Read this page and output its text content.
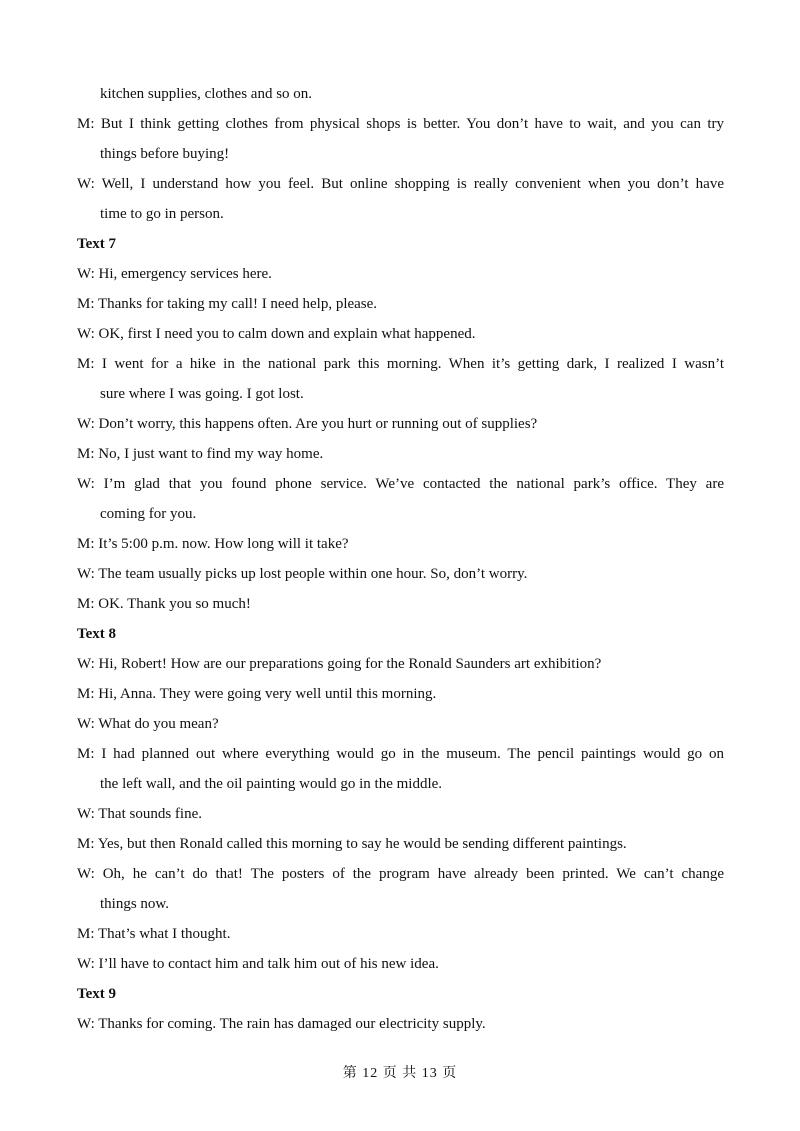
kitchen supplies, clothes and so on.
M: But I think getting clothes from physical shops is better. You don’t have to wait, and you can try
things before buying!
W: Well, I understand how you feel. But online shopping is really convenient when you don’t have
time to go in person.
Text 7
W: Hi, emergency services here.
M: Thanks for taking my call! I need help, please.
W: OK, first I need you to calm down and explain what happened.
M: I went for a hike in the national park this morning. When it’s getting dark, I realized I wasn’t
sure where I was going. I got lost.
W: Don’t worry, this happens often. Are you hurt or running out of supplies?
M: No, I just want to find my way home.
W: I’m glad that you found phone service. We’ve contacted the national park’s office. They are
coming for you.
M: It’s 5:00 p.m. now. How long will it take?
W: The team usually picks up lost people within one hour. So, don’t worry.
M: OK. Thank you so much!
Text 8
W: Hi, Robert! How are our preparations going for the Ronald Saunders art exhibition?
M: Hi, Anna. They were going very well until this morning.
W: What do you mean?
M: I had planned out where everything would go in the museum. The pencil paintings would go on
the left wall, and the oil painting would go in the middle.
W: That sounds fine.
M: Yes, but then Ronald called this morning to say he would be sending different paintings.
W: Oh, he can’t do that! The posters of the program have already been printed. We can’t change
things now.
M: That’s what I thought.
W: I’ll have to contact him and talk him out of his new idea.
Text 9
W: Thanks for coming. The rain has damaged our electricity supply.
第 12 页 共 13 页
